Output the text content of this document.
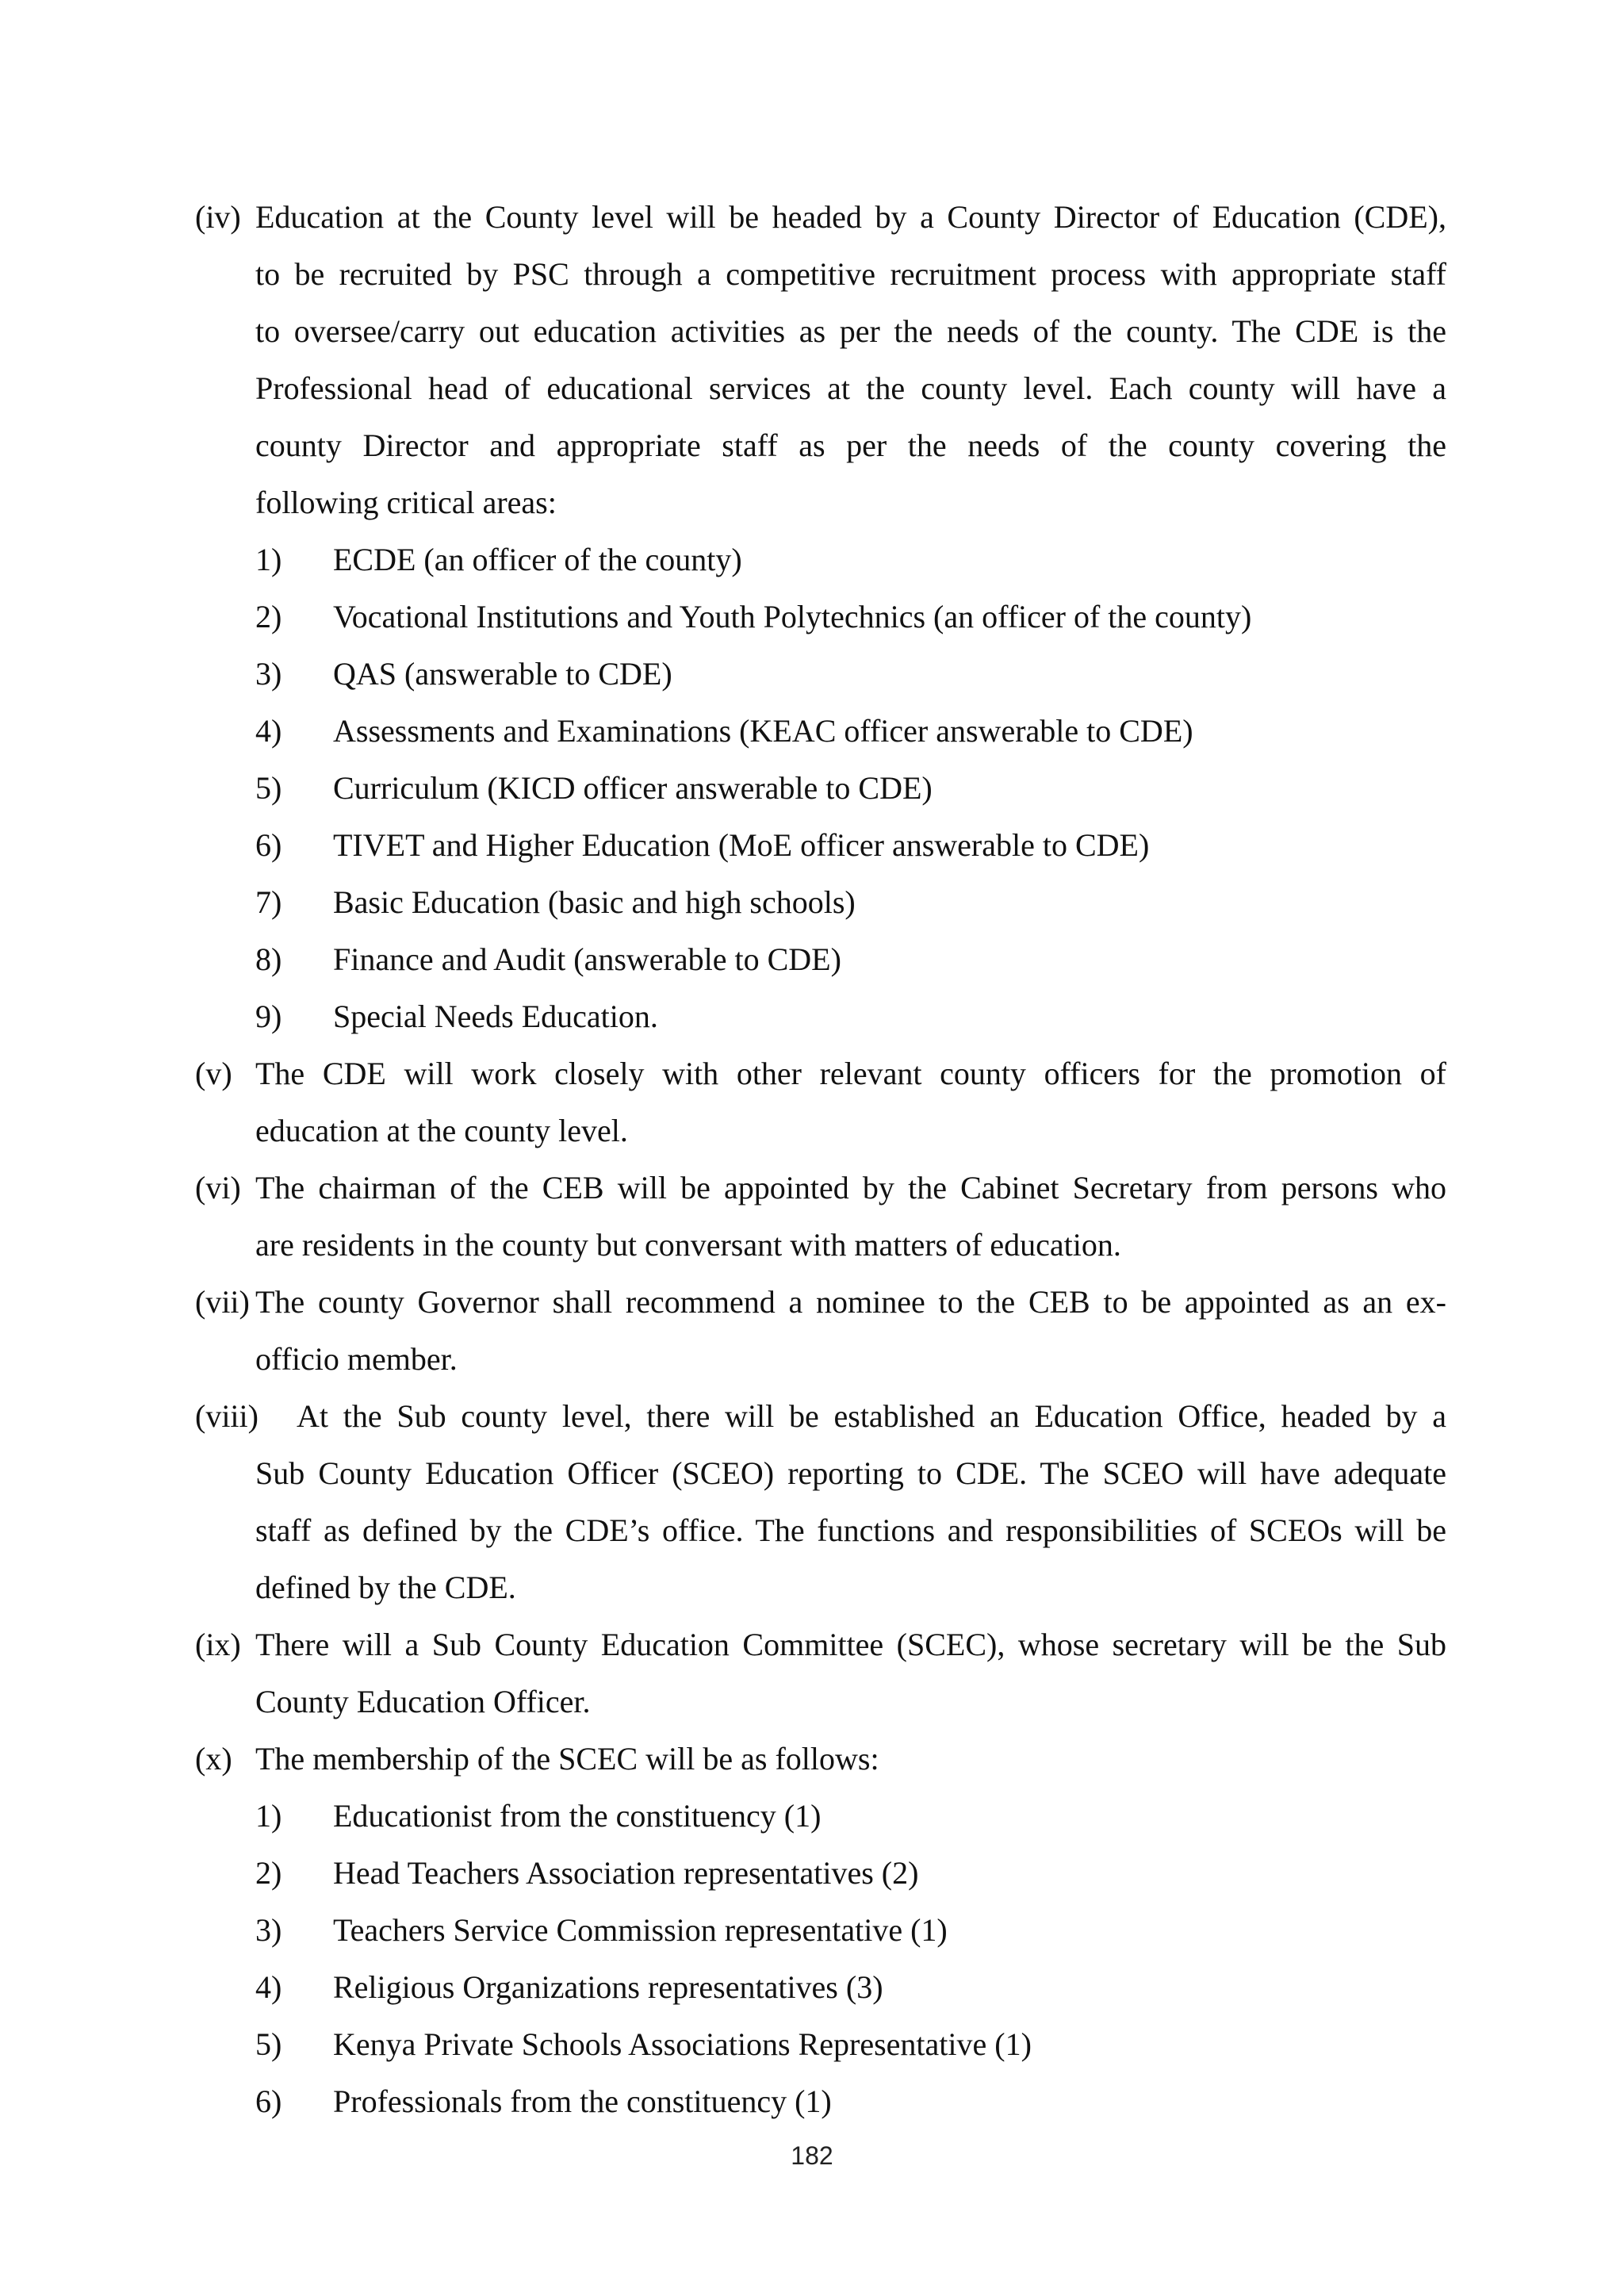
(iv) Education at the County level will be headed by a County Director of Education (CDE),
to be recruited by PSC through a competitive recruitment process with appropriate staff
to oversee/carry out education activities as per the needs of the county. The CDE is the
Professional head of educational services at the county level. Each county will have a
county Director and appropriate staff as per the needs of the county covering the
following critical areas:
1) ECDE (an officer of the county)
2) Vocational Institutions and Youth Polytechnics (an officer of the county)
3) QAS (answerable to CDE)
4) Assessments and Examinations (KEAC officer answerable to CDE)
5) Curriculum (KICD officer answerable to CDE)
6) TIVET and Higher Education (MoE officer answerable to CDE)
7) Basic Education (basic and high schools)
8) Finance and Audit (answerable to CDE)
9) Special Needs Education.
(v) The CDE will work closely with other relevant county officers for the promotion of
education at the county level.
(vi) The chairman of the CEB will be appointed by the Cabinet Secretary from persons who
are residents in the county but conversant with matters of education.
(vii) The county Governor shall recommend a nominee to the CEB to be appointed as an ex-
officio member.
(viii) At the Sub county level, there will be established an Education Office, headed by a
Sub County Education Officer (SCEO) reporting to CDE. The SCEO will have adequate
staff as defined by the CDE’s office. The functions and responsibilities of SCEOs will be
defined by the CDE.
(ix) There will a Sub County Education Committee (SCEC), whose secretary will be the Sub
County Education Officer.
(x) The membership of the SCEC will be as follows:
1) Educationist from the constituency (1)
2) Head Teachers Association representatives (2)
3) Teachers Service Commission representative (1)
4) Religious Organizations representatives (3)
5) Kenya Private Schools Associations Representative (1)
6) Professionals from the constituency (1)
182
